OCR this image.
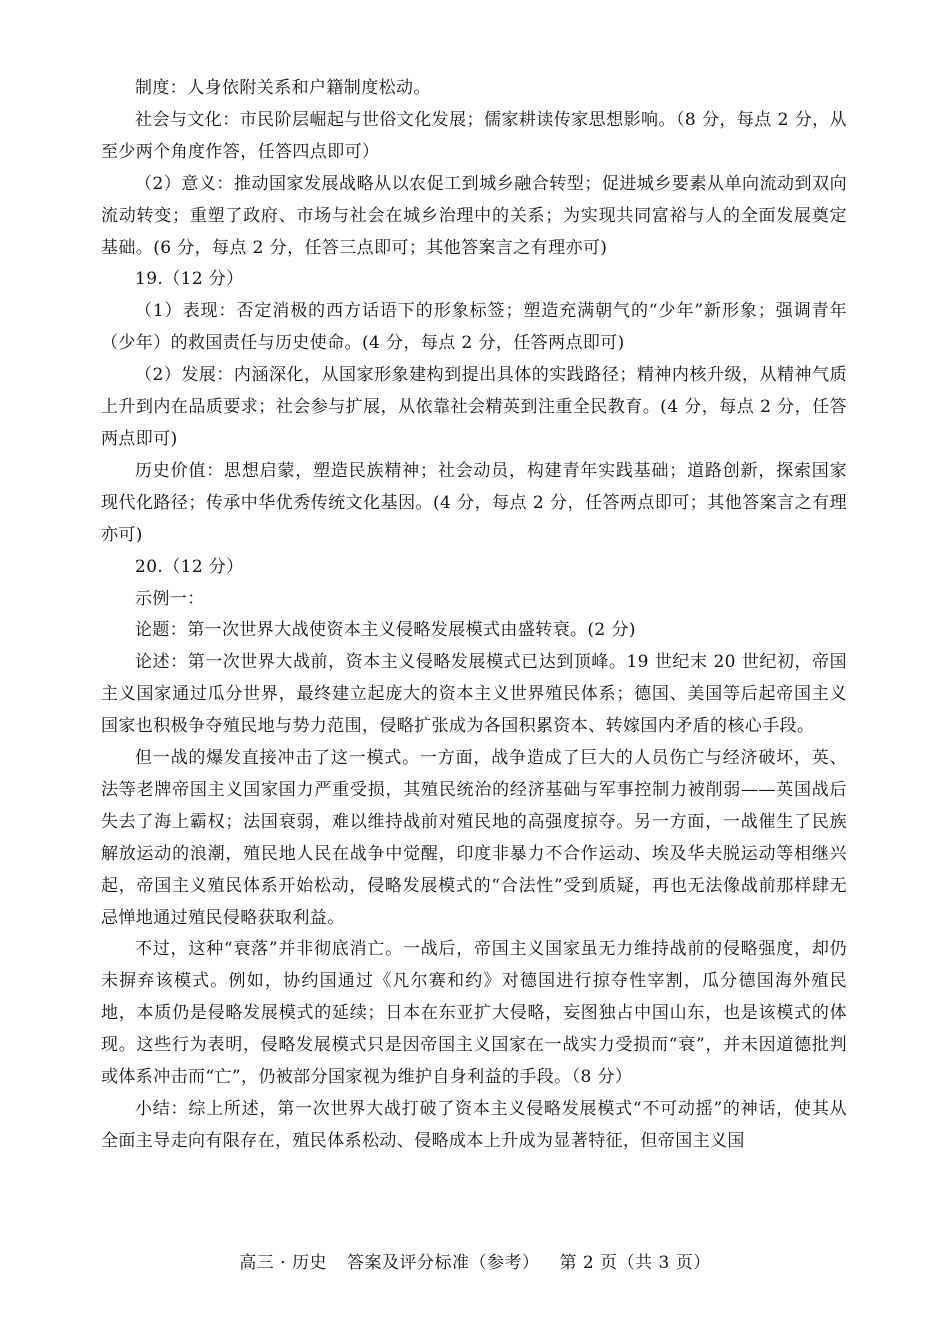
制度：人身依附关系和户籍制度松动。

社会与文化：市民阶层崛起与世俗文化发展；儒家耕读传家思想影响。（8 分，每点 2 分，从至少两个角度作答，任答四点即可）

（2）意义：推动国家发展战略从以农促工到城乡融合转型；促进城乡要素从单向流动到双向流动转变；重塑了政府、市场与社会在城乡治理中的关系；为实现共同富裕与人的全面发展奠定基础。(6 分，每点 2 分，任答三点即可；其他答案言之有理亦可)

19.（12 分）

（1）表现：否定消极的西方话语下的形象标签；塑造充满朝气的“少年”新形象；强调青年（少年）的救国责任与历史使命。(4 分，每点 2 分，任答两点即可)

（2）发展：内涵深化，从国家形象建构到提出具体的实践路径；精神内核升级，从精神气质上升到内在品质要求；社会参与扩展，从依靠社会精英到注重全民教育。(4 分，每点 2 分，任答两点即可)

历史价值：思想启蒙，塑造民族精神；社会动员，构建青年实践基础；道路创新，探索国家现代化路径；传承中华优秀传统文化基因。(4 分，每点 2 分，任答两点即可；其他答案言之有理亦可)

20.（12 分）

示例一：

论题：第一次世界大战使资本主义侵略发展模式由盛转衰。(2 分)

论述：第一次世界大战前，资本主义侵略发展模式已达到顶峰。19 世纪末 20 世纪初，帝国主义国家通过瓜分世界，最终建立起庞大的资本主义世界殖民体系；德国、美国等后起帝国主义国家也积极争夺殖民地与势力范围，侵略扩张成为各国积累资本、转嫁国内矛盾的核心手段。

但一战的爆发直接冲击了这一模式。一方面，战争造成了巨大的人员伤亡与经济破坏，英、法等老牌帝国主义国家国力严重受损，其殖民统治的经济基础与军事控制力被削弱——英国战后失去了海上霸权；法国衰弱，难以维持战前对殖民地的高强度掠夺。另一方面，一战催生了民族解放运动的浪潮，殖民地人民在战争中觉醒，印度非暴力不合作运动、埃及华夫脱运动等相继兴起，帝国主义殖民体系开始松动，侵略发展模式的“合法性”受到质疑，再也无法像战前那样肆无忌惮地通过殖民侵略获取利益。

不过，这种“衰落”并非彻底消亡。一战后，帝国主义国家虽无力维持战前的侵略强度，却仍未摒弃该模式。例如，协约国通过《凡尔赛和约》对德国进行掠夺性宰割，瓜分德国海外殖民地，本质仍是侵略发展模式的延续；日本在东亚扩大侵略，妄图独占中国山东，也是该模式的体现。这些行为表明，侵略发展模式只是因帝国主义国家在一战实力受损而“衰”，并未因道德批判或体系冲击而“亡”，仍被部分国家视为维护自身利益的手段。（8 分）

小结：综上所述，第一次世界大战打破了资本主义侵略发展模式“不可动摇”的神话，使其从全面主导走向有限存在，殖民体系松动、侵略成本上升成为显著特征，但帝国主义国

高三 · 历史 答案及评分标准（参考） 第 2 页（共 3 页）
